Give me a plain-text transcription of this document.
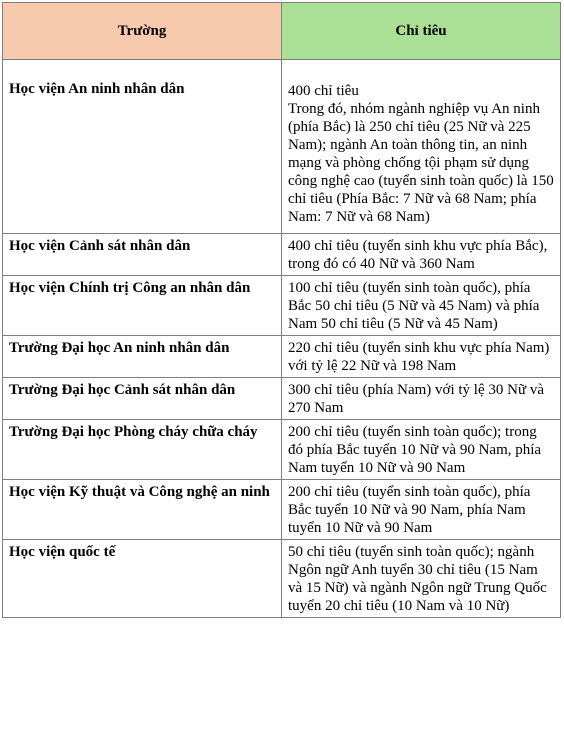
Trường	Chỉ tiêu
Học viện An ninh nhân dân	400 chỉ tiêu
Trong đó, nhóm ngành nghiệp vụ An ninh (phía Bắc) là 250 chỉ tiêu (25 Nữ và 225 Nam); ngành An toàn thông tin, an ninh mạng và phòng chống tội phạm sử dụng công nghệ cao (tuyển sinh toàn quốc) là 150 chỉ tiêu (Phía Bắc: 7 Nữ và 68 Nam; phía Nam: 7 Nữ và 68 Nam)

Học viện Cảnh sát nhân dân	400 chỉ tiêu (tuyển sinh khu vực phía Bắc), trong đó có 40 Nữ và 360 Nam
Học viện Chính trị Công an nhân dân	100 chỉ tiêu (tuyển sinh toàn quốc), phía Bắc 50 chỉ tiêu (5 Nữ và 45 Nam) và phía Nam 50 chỉ tiêu (5 Nữ và 45 Nam)
Trường Đại học An ninh nhân dân	220 chỉ tiêu (tuyển sinh khu vực phía Nam) với tỷ lệ 22 Nữ và 198 Nam
Trường Đại học Cảnh sát nhân dân	300 chỉ tiêu (phía Nam) với tỷ lệ 30 Nữ và 270 Nam
Trường Đại học Phòng cháy chữa cháy	200 chỉ tiêu (tuyển sinh toàn quốc); trong đó phía Bắc tuyển 10 Nữ và 90 Nam, phía Nam tuyển 10 Nữ và 90 Nam
Học viện Kỹ thuật và Công nghệ an ninh	200 chỉ tiêu (tuyển sinh toàn quốc), phía Bắc tuyển 10 Nữ và 90 Nam, phía Nam tuyển 10 Nữ và 90 Nam
Học viện quốc tế	50 chỉ tiêu (tuyển sinh toàn quốc); ngành Ngôn ngữ Anh tuyển 30 chỉ tiêu (15 Nam và 15 Nữ) và ngành Ngôn ngữ Trung Quốc tuyển 20 chỉ tiêu (10 Nam và 10 Nữ)
